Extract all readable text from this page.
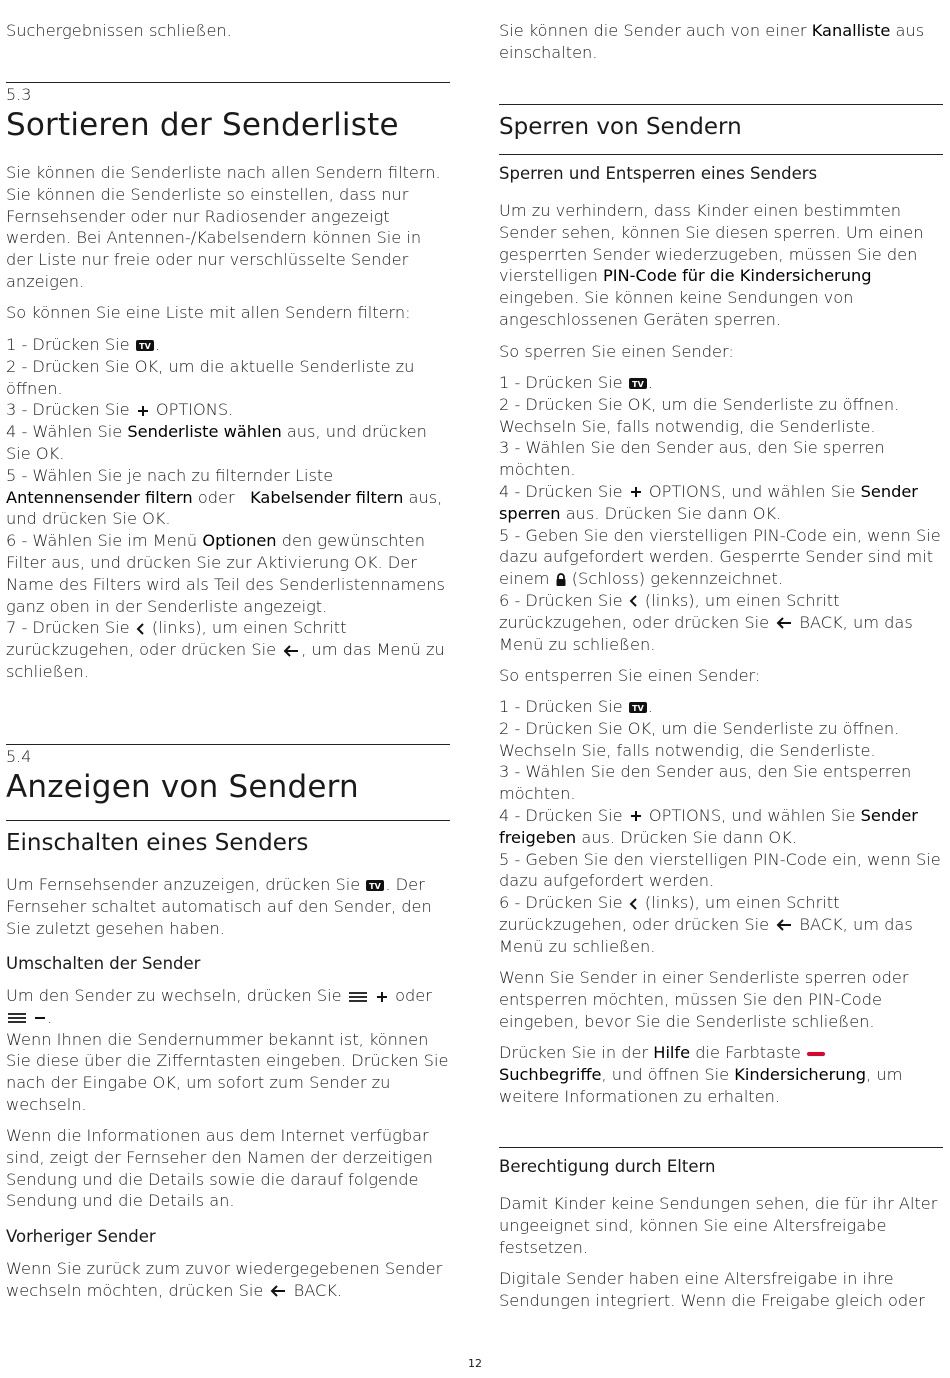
Suchergebnissen schließen.

5.3
Sortieren der Senderliste

Sie können die Senderliste nach allen Sendern filtern. Sie können die Senderliste so einstellen, dass nur Fernsehsender oder nur Radiosender angezeigt werden. Bei Antennen-/Kabelsendern können Sie in der Liste nur freie oder nur verschlüsselte Sender anzeigen.

So können Sie eine Liste mit allen Sendern filtern:

1 - Drücken Sie TV .
2 - Drücken Sie OK, um die aktuelle Senderliste zu öffnen.
3 - Drücken Sie
OPTIONS.
4 - Wählen Sie Senderliste wählen aus, und drücken Sie OK.
5 - Wählen Sie je nach zu filternder Liste Antennensender filtern oder   Kabelsender filtern aus, und drücken Sie OK.
6 - Wählen Sie im Menü Optionen den gewünschten Filter aus, und drücken Sie zur Aktivierung OK. Der Name des Filters wird als Teil des Senderlistennamens ganz oben in der Senderliste angezeigt.
7 - Drücken Sie
(links), um einen Schritt zurückzugehen, oder drücken Sie
, um das Menü zu schließen.
5.4
Anzeigen von Sendern
Einschalten eines Senders
Um Fernsehsender anzuzeigen, drücken Sie TV . Der Fernseher schaltet automatisch auf den Sender, den Sie zuletzt gesehen haben.
Umschalten der Sender
Um den Sender zu wechseln, drücken Sie
	oder

.
Wenn Ihnen die Sendernummer bekannt ist, können Sie diese über die Zifferntasten eingeben. Drücken Sie nach der Eingabe OK, um sofort zum Sender zu wechseln.

Wenn die Informationen aus dem Internet verfügbar sind, zeigt der Fernseher den Namen der derzeitigen Sendung und die Details sowie die darauf folgende Sendung und die Details an.

Vorheriger Sender
Wenn Sie zurück zum zuvor wiedergegebenen Sender wechseln möchten, drücken Sie
BACK.
Sie können die Sender auch von einer Kanalliste aus einschalten.
Sperren von Sendern
Sperren und Entsperren eines Senders
Um zu verhindern, dass Kinder einen bestimmten Sender sehen, können Sie diesen sperren. Um einen gesperrten Sender wiederzugeben, müssen Sie den vierstelligen PIN-Code für die Kindersicherung eingeben. Sie können keine Sendungen von angeschlossenen Geräten sperren.

So sperren Sie einen Sender:

1 - Drücken Sie TV .
2 - Drücken Sie OK, um die Senderliste zu öffnen. Wechseln Sie, falls notwendig, die Senderliste.
3 - Wählen Sie den Sender aus, den Sie sperren möchten.
4 - Drücken Sie
OPTIONS, und wählen Sie Sender sperren aus. Drücken Sie dann OK.
5 - Geben Sie den vierstelligen PIN-Code ein, wenn Sie dazu aufgefordert werden. Gesperrte Sender sind mit einem
(Schloss) gekennzeichnet.
6 - Drücken Sie
(links), um einen Schritt zurückzugehen, oder drücken Sie
BACK, um das Menü zu schließen.

So entsperren Sie einen Sender:

1 - Drücken Sie TV .
2 - Drücken Sie OK, um die Senderliste zu öffnen. Wechseln Sie, falls notwendig, die Senderliste.
3 - Wählen Sie den Sender aus, den Sie entsperren möchten.
4 - Drücken Sie
OPTIONS, und wählen Sie Sender freigeben aus. Drücken Sie dann OK.
5 - Geben Sie den vierstelligen PIN-Code ein, wenn Sie dazu aufgefordert werden.
6 - Drücken Sie
(links), um einen Schritt zurückzugehen, oder drücken Sie
BACK, um das Menü zu schließen.

Wenn Sie Sender in einer Senderliste sperren oder entsperren möchten, müssen Sie den PIN-Code eingeben, bevor Sie die Senderliste schließen.

Drücken Sie in der Hilfe die Farbtaste

Suchbegriffe, und öffnen Sie Kindersicherung, um weitere Informationen zu erhalten.
Berechtigung durch Eltern

Damit Kinder keine Sendungen sehen, die für ihr Alter ungeeignet sind, können Sie eine Altersfreigabe festsetzen.

Digitale Sender haben eine Altersfreigabe in ihre Sendungen integriert. Wenn die Freigabe gleich oder

12
